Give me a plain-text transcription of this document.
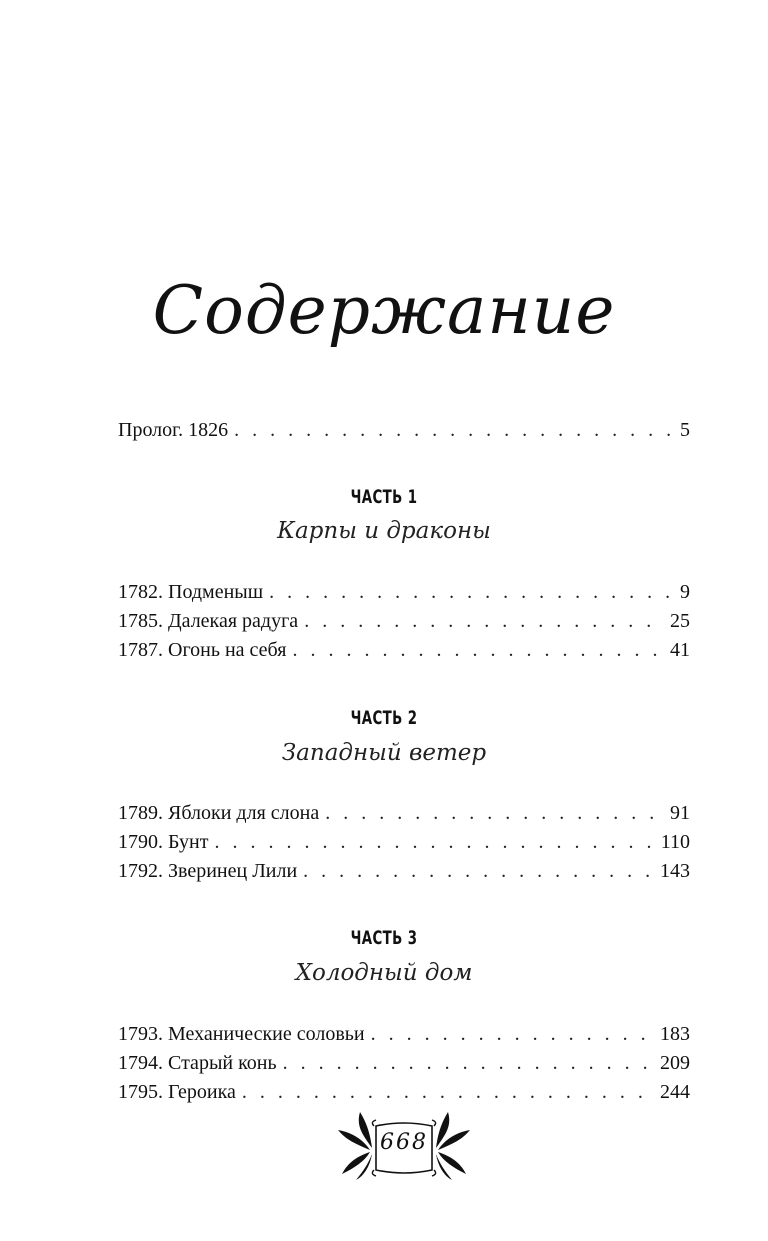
Содержание
Пролог. 1826 . . .	5
ЧАСТЬ 1
Карпы и драконы
1782. Подменыш . . .	9
1785. Далекая радуга . . .	25
1787. Огонь на себя . . .	41
ЧАСТЬ 2
Западный ветер
1789. Яблоки для слона . . .	91
1790. Бунт . . .	110
1792. Зверинец Лили . . .	143
ЧАСТЬ 3
Холодный дом
1793. Механические соловьи . . .	183
1794. Старый конь . . .	209
1795. Героика . . .	244
668
